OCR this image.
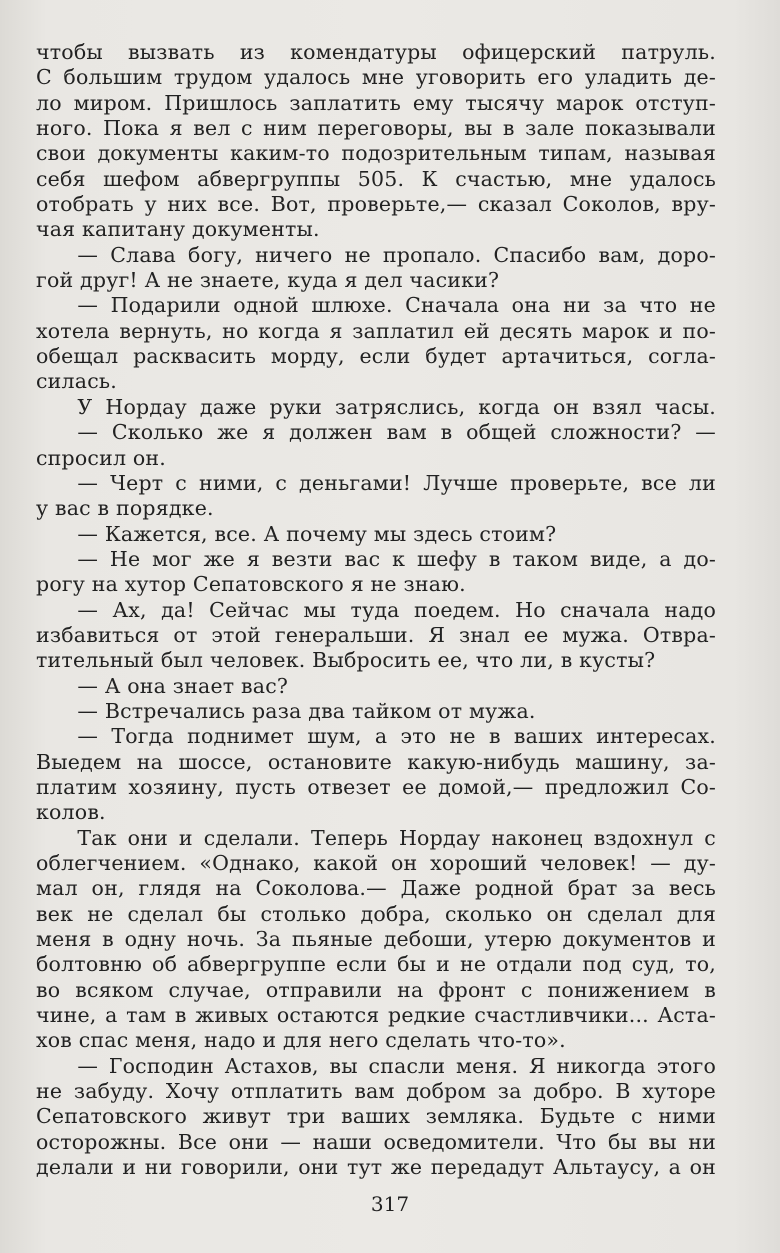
чтобы вызвать из комендатуры офицерский патруль.
С большим трудом удалось мне уговорить его уладить де-
ло миром. Пришлось заплатить ему тысячу марок отступ-
ного. Пока я вел с ним переговоры, вы в зале показывали
свои документы каким-то подозрительным типам, называя
себя шефом абвергруппы 505. К счастью, мне удалось
отобрать у них все. Вот, проверьте,— сказал Соколов, вру-
чая капитану документы.
  — Слава богу, ничего не пропало. Спасибо вам, доро-
гой друг! А не знаете, куда я дел часики?
  — Подарили одной шлюхе. Сначала она ни за что не
хотела вернуть, но когда я заплатил ей десять марок и по-
обещал расквасить морду, если будет артачиться, согла-
силась.
  У Нордау даже руки затряслись, когда он взял часы.
  — Сколько же я должен вам в общей сложности? —
спросил он.
  — Черт с ними, с деньгами! Лучше проверьте, все ли
у вас в порядке.
  — Кажется, все. А почему мы здесь стоим?
  — Не мог же я везти вас к шефу в таком виде, а до-
рогу на хутор Сепатовского я не знаю.
  — Ах, да! Сейчас мы туда поедем. Но сначала надо
избавиться от этой генеральши. Я знал ее мужа. Отвра-
тительный был человек. Выбросить ее, что ли, в кусты?
  — А она знает вас?
  — Встречались раза два тайком от мужа.
  — Тогда поднимет шум, а это не в ваших интересах.
Выедем на шоссе, остановите какую-нибудь машину, за-
платим хозяину, пусть отвезет ее домой,— предложил Со-
колов.
  Так они и сделали. Теперь Нордау наконец вздохнул с
облегчением. «Однако, какой он хороший человек! — ду-
мал он, глядя на Соколова.— Даже родной брат за весь
век не сделал бы столько добра, сколько он сделал для
меня в одну ночь. За пьяные дебоши, утерю документов и
болтовню об абвергруппе если бы и не отдали под суд, то,
во всяком случае, отправили на фронт с понижением в
чине, а там в живых остаются редкие счастливчики... Аста-
хов спас меня, надо и для него сделать что-то».
  — Господин Астахов, вы спасли меня. Я никогда этого
не забуду. Хочу отплатить вам добром за добро. В хуторе
Сепатовского живут три ваших земляка. Будьте с ними
осторожны. Все они — наши осведомители. Что бы вы ни
делали и ни говорили, они тут же передадут Альтаусу, а он
317
